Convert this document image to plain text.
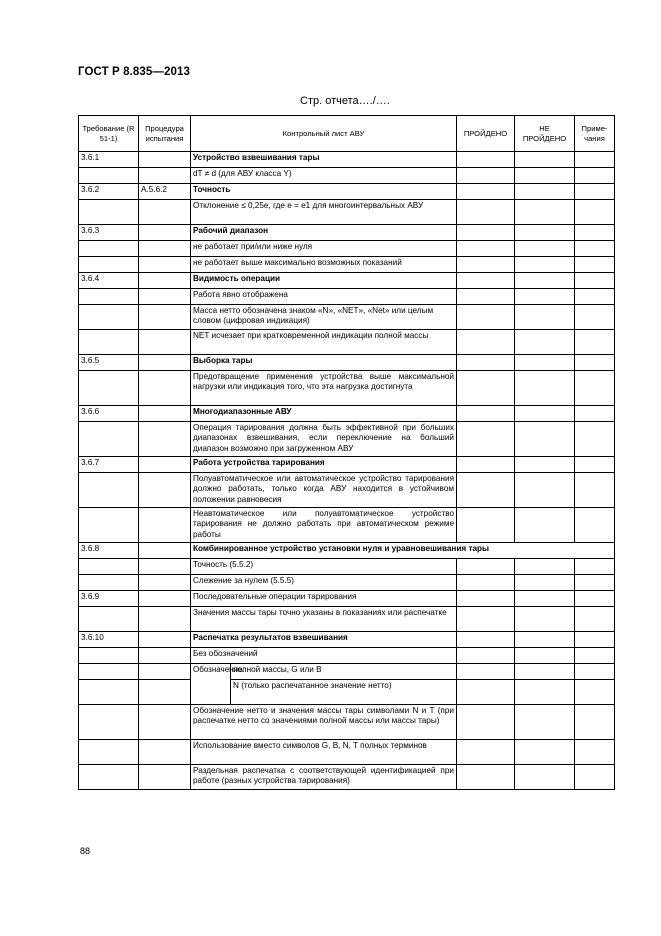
ГОСТ Р 8.835—2013
Стр. отчета…./….
Требование (R 51-1)	Процедура испытания	Контрольный лист АВУ		ПРОЙДЕНО	НЕ ПРОЙДЕНО	Приме-чания
3.6.1		Устройство взвешивания тары				
		dT ≠ d (для АВУ класса Y)				
3.6.2	А.5.6.2	Точность				
		Отклонение ≤ 0,25e, где e = e1 для многоинтервальных АВУ				
3.6.3		Рабочий диапазон				
		не работает при/или ниже нуля				
		не работает выше максимально возможных показаний				
3.6.4		Видимость операции				
		Работа явно отображена				
		Масса нетто обозначена знаком «N», «NET», «Net» или целым словом (цифровая индикация)				
		NET исчезает при кратковременной индикации полной массы				
3.6.5		Выборка тары				
		Предотвращение применения устройства выше максимальной нагрузки или индикация того, что эта нагрузка достигнута				
3.6.6		Многодиапазонные АВУ				
		Операция тарирования должна быть эффективной при больших диапазонах взвешивания, если переключение на больший диапазон возможно при загруженном АВУ				
3.6.7		Работа устройства тарирования				
		Полуавтоматическое или автоматическое устройство тарирования должно работать, только когда АВУ находится в устойчивом положении равновесия				
		Неавтоматическое или полуавтоматическое устройство тарирования не должно работать при автоматическом режиме работы				
3.6.8		Комбинированное устройство установки нуля и уравновешивания тары				
		Точность (5.5.2)				
		Слежение за нулем (5.5.5)				
3.6.9		Последовательные операции тарирования				
		Значения массы тары точно указаны в показаниях или распечатке				
3.6.10		Распечатка результатов взвешивания				
		Без обозначений				
		Обозначение:	полной массы, G или B			
			N (только распечатанное значение нетто)			
		Обозначение нетто и значения массы тары символами N и T (при распечатке нетто со значениями полной массы или массы тары)				
		Использование вместо символов G, B, N, T полных терминов				
		Раздельная распечатка с соответствующей идентификацией при работе (разных устройства тарирования)				
88
